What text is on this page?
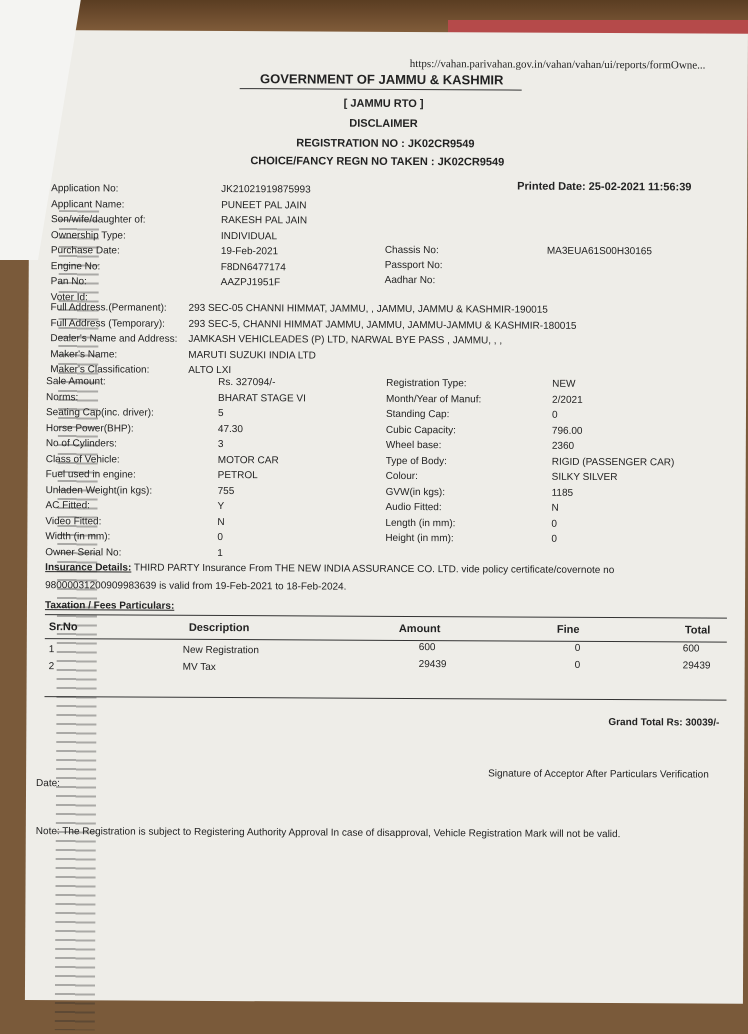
https://vahan.parivahan.gov.in/vahan/vahan/ui/reports/formOwne...
GOVERNMENT OF JAMMU & KASHMIR
[ JAMMU RTO ]
DISCLAIMER
REGISTRATION NO : JK02CR9549
CHOICE/FANCY REGN NO TAKEN : JK02CR9549
Printed Date: 25-02-2021 11:56:39
Application No:	JK21021919875993
Applicant Name:	PUNEET PAL JAIN
Son/wife/daughter of:	RAKESH PAL JAIN
Ownership Type:	INDIVIDUAL
Purchase Date:	19-Feb-2021
Engine No:	F8DN6477174
Pan No:	AAZPJ1951F
Voter Id:
Chassis No:	MA3EUA61S00H30165
Passport No:
Aadhar No:
Full Address.(Permanent): 293 SEC-05 CHANNI HIMMAT, JAMMU, , JAMMU, JAMMU & KASHMIR-190015
Full Address (Temporary): 293 SEC-5, CHANNI HIMMAT JAMMU, JAMMU, JAMMU-JAMMU & KASHMIR-180015
Dealer's Name and Address: JAMKASH VEHICLEADES (P) LTD, NARWAL BYE PASS , JAMMU, , ,
Maker's Name:	MARUTI SUZUKI INDIA LTD
Maker's Classification:	ALTO LXI
Sale Amount:	Rs. 327094/-
Norms:	BHARAT STAGE VI
Seating Cap(inc. driver):	5
Horse Power(BHP):	47.30
No of Cylinders:	3
Class of Vehicle:	MOTOR CAR
Fuel used in engine:	PETROL
Unladen Weight(in kgs):	755
AC Fitted:	Y
Video Fitted:	N
Width (in mm):	0
Owner Serial No:	1
Registration Type:	NEW
Month/Year of Manuf:	2/2021
Standing Cap:	0
Cubic Capacity:	796.00
Wheel base:	2360
Type of Body:	RIGID (PASSENGER CAR)
Colour:	SILKY SILVER
GVW(in kgs):	1185
Audio Fitted:	N
Length (in mm):	0
Height (in mm):	0
Insurance Details: THIRD PARTY Insurance From THE NEW INDIA ASSURANCE CO. LTD. vide policy certificate/covernote no
98000031200909983639 is valid from 19-Feb-2021 to 18-Feb-2024.
Taxation / Fees Particulars:
Sr.No	Description	Amount	Fine	Total
1	New Registration	600	0	600
2	MV Tax	29439	0	29439
Grand Total Rs: 30039/-
Signature of Acceptor After Particulars Verification
Date:
Note: The Registration is subject to Registering Authority Approval In case of disapproval, Vehicle Registration Mark will not be valid.
